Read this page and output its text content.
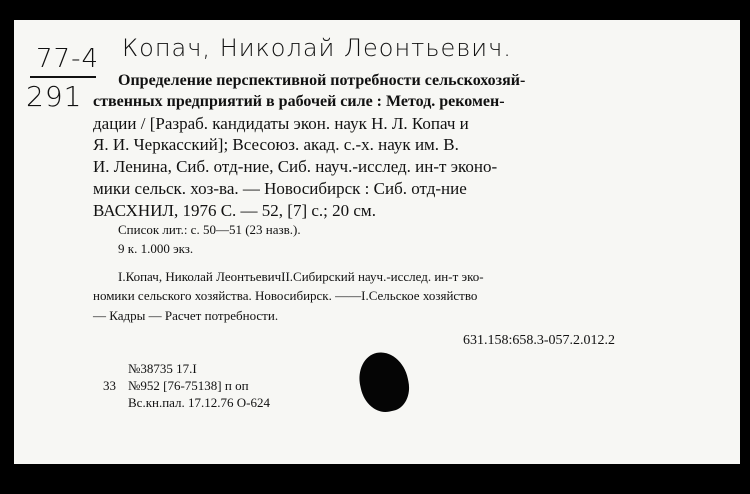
77-4
291
Копач, Николай Леонтьевич.
Определение перспективной потребности сельскохозяй-
ственных предприятий в рабочей силе : Метод. рекомен-
дации / [Разраб. кандидаты экон. наук Н. Л. Копач и
Я. И. Черкасский]; Всесоюз. акад. с.-х. наук им. В.
И. Ленина, Сиб. отд-ние, Сиб. науч.-исслед. ин-т эконо-
мики сельск. хоз-ва. — Новосибирск : Сиб. отд-ние
ВАСХНИЛ, 1976 С. — 52, [7] с.; 20 см.
Список лит.: с. 50—51 (23 назв.).
9 к. 1.000 экз.
I.Копач, Николай ЛеонтьевичII.Сибирский науч.-исслед. ин-т эко-
номики сельского хозяйства. Новосибирск. ——I.Сельское хозяйство
— Кадры — Расчет потребности.
631.158:658.3-057.2.012.2
№38735 17.I
33 №952 [76-75138] п оп
Вс.кн.пал. 17.12.76 О-624
